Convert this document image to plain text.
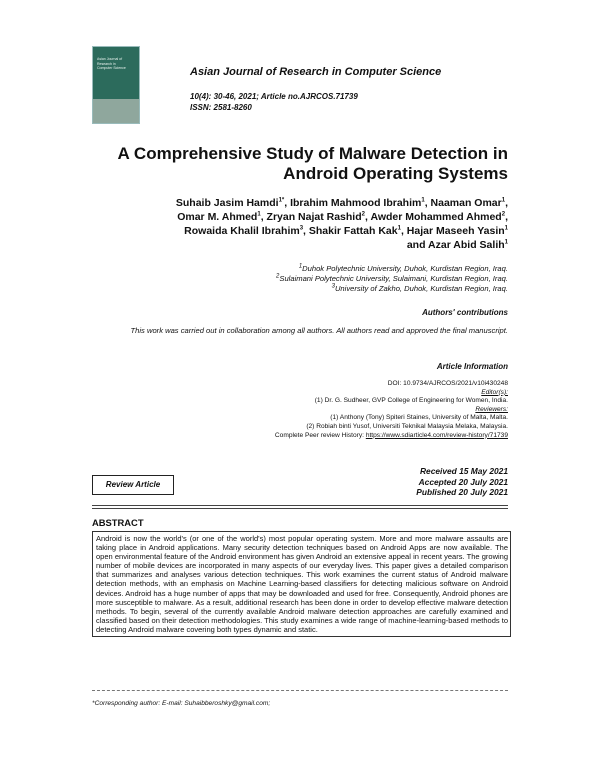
Asian Journal of
Research in
Computer Science	Asian Journal of Research in Computer Science
10(4): 30-46, 2021; Article no.AJRCOS.71739
ISSN: 2581-8260
A Comprehensive Study of Malware Detection in
Android Operating Systems
Suhaib Jasim Hamdi$^{1*}$, Ibrahim Mahmood Ibrahim$^1$, Naaman Omar$^1$,
Omar M. Ahmed$^1$, Zryan Najat Rashid$^2$, Awder Mohammed Ahmed$^2$,
Rowaida Khalil Ibrahim$^3$, Shakir Fattah Kak$^1$, Hajar Maseeh Yasin$^1$
and Azar Abid Salih$^1$
$^1$Duhok Polytechnic University, Duhok, Kurdistan Region, Iraq.
$^2$Sulaimani Polytechnic University, Sulaimani, Kurdistan Region, Iraq.
$^3$University of Zakho, Duhok, Kurdistan Region, Iraq.
Authors' contributions
This work was carried out in collaboration among all authors. All authors read and approved the final manuscript.
Article Information
DOI: 10.9734/AJRCOS/2021/v10i430248
Editor(s):
(1) Dr. G. Sudheer, GVP College of Engineering for Women, India.
Reviewers:
(1) Anthony (Tony) Spiteri Staines, University of Malta, Malta.
(2) Robiah binti Yusof, Universiti Teknikal Malaysia Melaka, Malaysia.
Complete Peer review History: https://www.sdiarticle4.com/review-history/71739
Review Article
Received 15 May 2021
Accepted 20 July 2021
Published 20 July 2021
ABSTRACT
Android is now the world's (or one of the world's) most popular operating system. More and more malware assaults are taking place in Android applications. Many security detection techniques based on Android Apps are now available. The open environmental feature of the Android environment has given Android an extensive appeal in recent years. The growing number of mobile devices are incorporated in many aspects of our everyday lives. This paper gives a detailed comparison that summarizes and analyses various detection techniques. This work examines the current status of Android malware detection methods, with an emphasis on Machine Learning-based classifiers for detecting malicious software on Android devices. Android has a huge number of apps that may be downloaded and used for free. Consequently, Android phones are more susceptible to malware. As a result, additional research has been done in order to develop effective malware detection methods. To begin, several of the currently available Android malware detection approaches are carefully examined and classified based on their detection methodologies. This study examines a wide range of machine-learning-based methods to detecting Android malware covering both types dynamic and static.
*Corresponding author: E-mail: Suhaibberoshky@gmail.com;
